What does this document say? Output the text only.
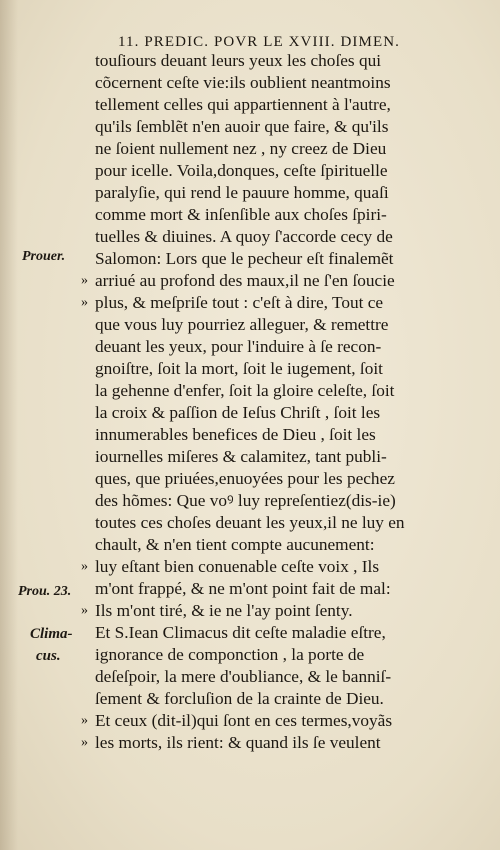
11. PREDIC. POVR LE XVIII. DIMEN.
Prouer.
Prou. 23.
Clima-
cus.
touſiours deuant leurs yeux les choſes qui
cõcernent ceſte vie:ils oublient neantmoins
tellement celles qui appartiennent à l'autre,
qu'ils ſemblẽt n'en auoir que faire, & qu'ils
ne ſoient nullement nez , ny creez de Dieu
pour icelle. Voila,donques, ceſte ſpirituelle
paralyſie, qui rend le pauure homme, quaſi
comme mort & inſenſible aux choſes ſpiri-
tuelles & diuines. A quoy ſ'accorde cecy de
Salomon: Lors que le pecheur eſt finalemẽt
» arriué au profond des maux,il ne ſ'en ſoucie
» plus, & meſpriſe tout : c'eſt à dire, Tout ce
que vous luy pourriez alleguer, & remettre
deuant les yeux, pour l'induire à ſe recon-
gnoiſtre, ſoit la mort, ſoit le iugement, ſoit
la gehenne d'enfer, ſoit la gloire celeſte, ſoit
la croix & paſſion de Ieſus Chriſt , ſoit les
innumerables benefices de Dieu , ſoit les
iournelles miſeres & calamitez, tant publi-
ques, que priuées,enuoyées pour les pechez
des hõmes: Que voꝰ luy repreſentiez(dis-ie)
toutes ces choſes deuant les yeux,il ne luy en
chault, & n'en tient compte aucunement:
» luy eſtant bien conuenable ceſte voix , Ils
m'ont frappé, & ne m'ont point fait de mal:
» Ils m'ont tiré, & ie ne l'ay point ſenty.
Et S.Iean Climacus dit ceſte maladie eſtre,
ignorance de componction , la porte de
deſeſpoir, la mere d'oubliance, & le banniſ-
ſement & forcluſion de la crainte de Dieu.
» Et ceux (dit-il)qui ſont en ces termes,voyãs
» les morts, ils rient: & quand ils ſe veulent
